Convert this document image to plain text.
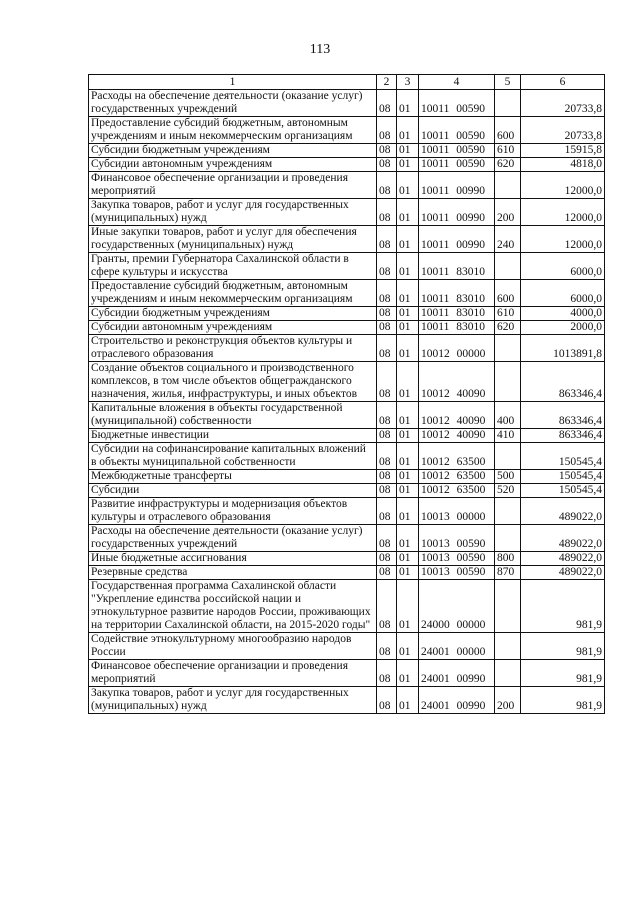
113
1	2	3	4	5	6
Расходы на обеспечение деятельности (оказание услуг) государственных учреждений	08	01	10011 00590		20733,8
Предоставление субсидий бюджетным, автономным учреждениям и иным некоммерческим организациям	08	01	10011 00590	600	20733,8
Субсидии бюджетным учреждениям	08	01	10011 00590	610	15915,8
Субсидии автономным учреждениям	08	01	10011 00590	620	4818,0
Финансовое обеспечение организации и проведения мероприятий	08	01	10011 00990		12000,0
Закупка товаров, работ и услуг для государственных (муниципальных) нужд	08	01	10011 00990	200	12000,0
Иные закупки товаров, работ и услуг для обеспечения государственных (муниципальных) нужд	08	01	10011 00990	240	12000,0
Гранты, премии Губернатора Сахалинской области в сфере культуры и искусства	08	01	10011 83010		6000,0
Предоставление субсидий бюджетным, автономным учреждениям и иным некоммерческим организациям	08	01	10011 83010	600	6000,0
Субсидии бюджетным учреждениям	08	01	10011 83010	610	4000,0
Субсидии автономным учреждениям	08	01	10011 83010	620	2000,0
Строительство и реконструкция объектов культуры и отраслевого образования	08	01	10012 00000		1013891,8
Создание объектов социального и производственного комплексов, в том числе объектов общегражданского назначения, жилья, инфраструктуры, и иных объектов	08	01	10012 40090		863346,4
Капитальные вложения в объекты государственной (муниципальной) собственности	08	01	10012 40090	400	863346,4
Бюджетные инвестиции	08	01	10012 40090	410	863346,4
Субсидии на софинансирование капитальных вложений в объекты муниципальной собственности	08	01	10012 63500		150545,4
Межбюджетные трансферты	08	01	10012 63500	500	150545,4
Субсидии	08	01	10012 63500	520	150545,4
Развитие инфраструктуры и модернизация объектов культуры и отраслевого образования	08	01	10013 00000		489022,0
Расходы на обеспечение деятельности (оказание услуг) государственных учреждений	08	01	10013 00590		489022,0
Иные бюджетные ассигнования	08	01	10013 00590	800	489022,0
Резервные средства	08	01	10013 00590	870	489022,0
Государственная программа Сахалинской области "Укрепление единства российской нации и этнокультурное развитие народов России, проживающих на территории Сахалинской области, на 2015-2020 годы"	08	01	24000 00000		981,9
Содействие этнокультурному многообразию народов России	08	01	24001 00000		981,9
Финансовое обеспечение организации и проведения мероприятий	08	01	24001 00990		981,9
Закупка товаров, работ и услуг для государственных (муниципальных) нужд	08	01	24001 00990	200	981,9
